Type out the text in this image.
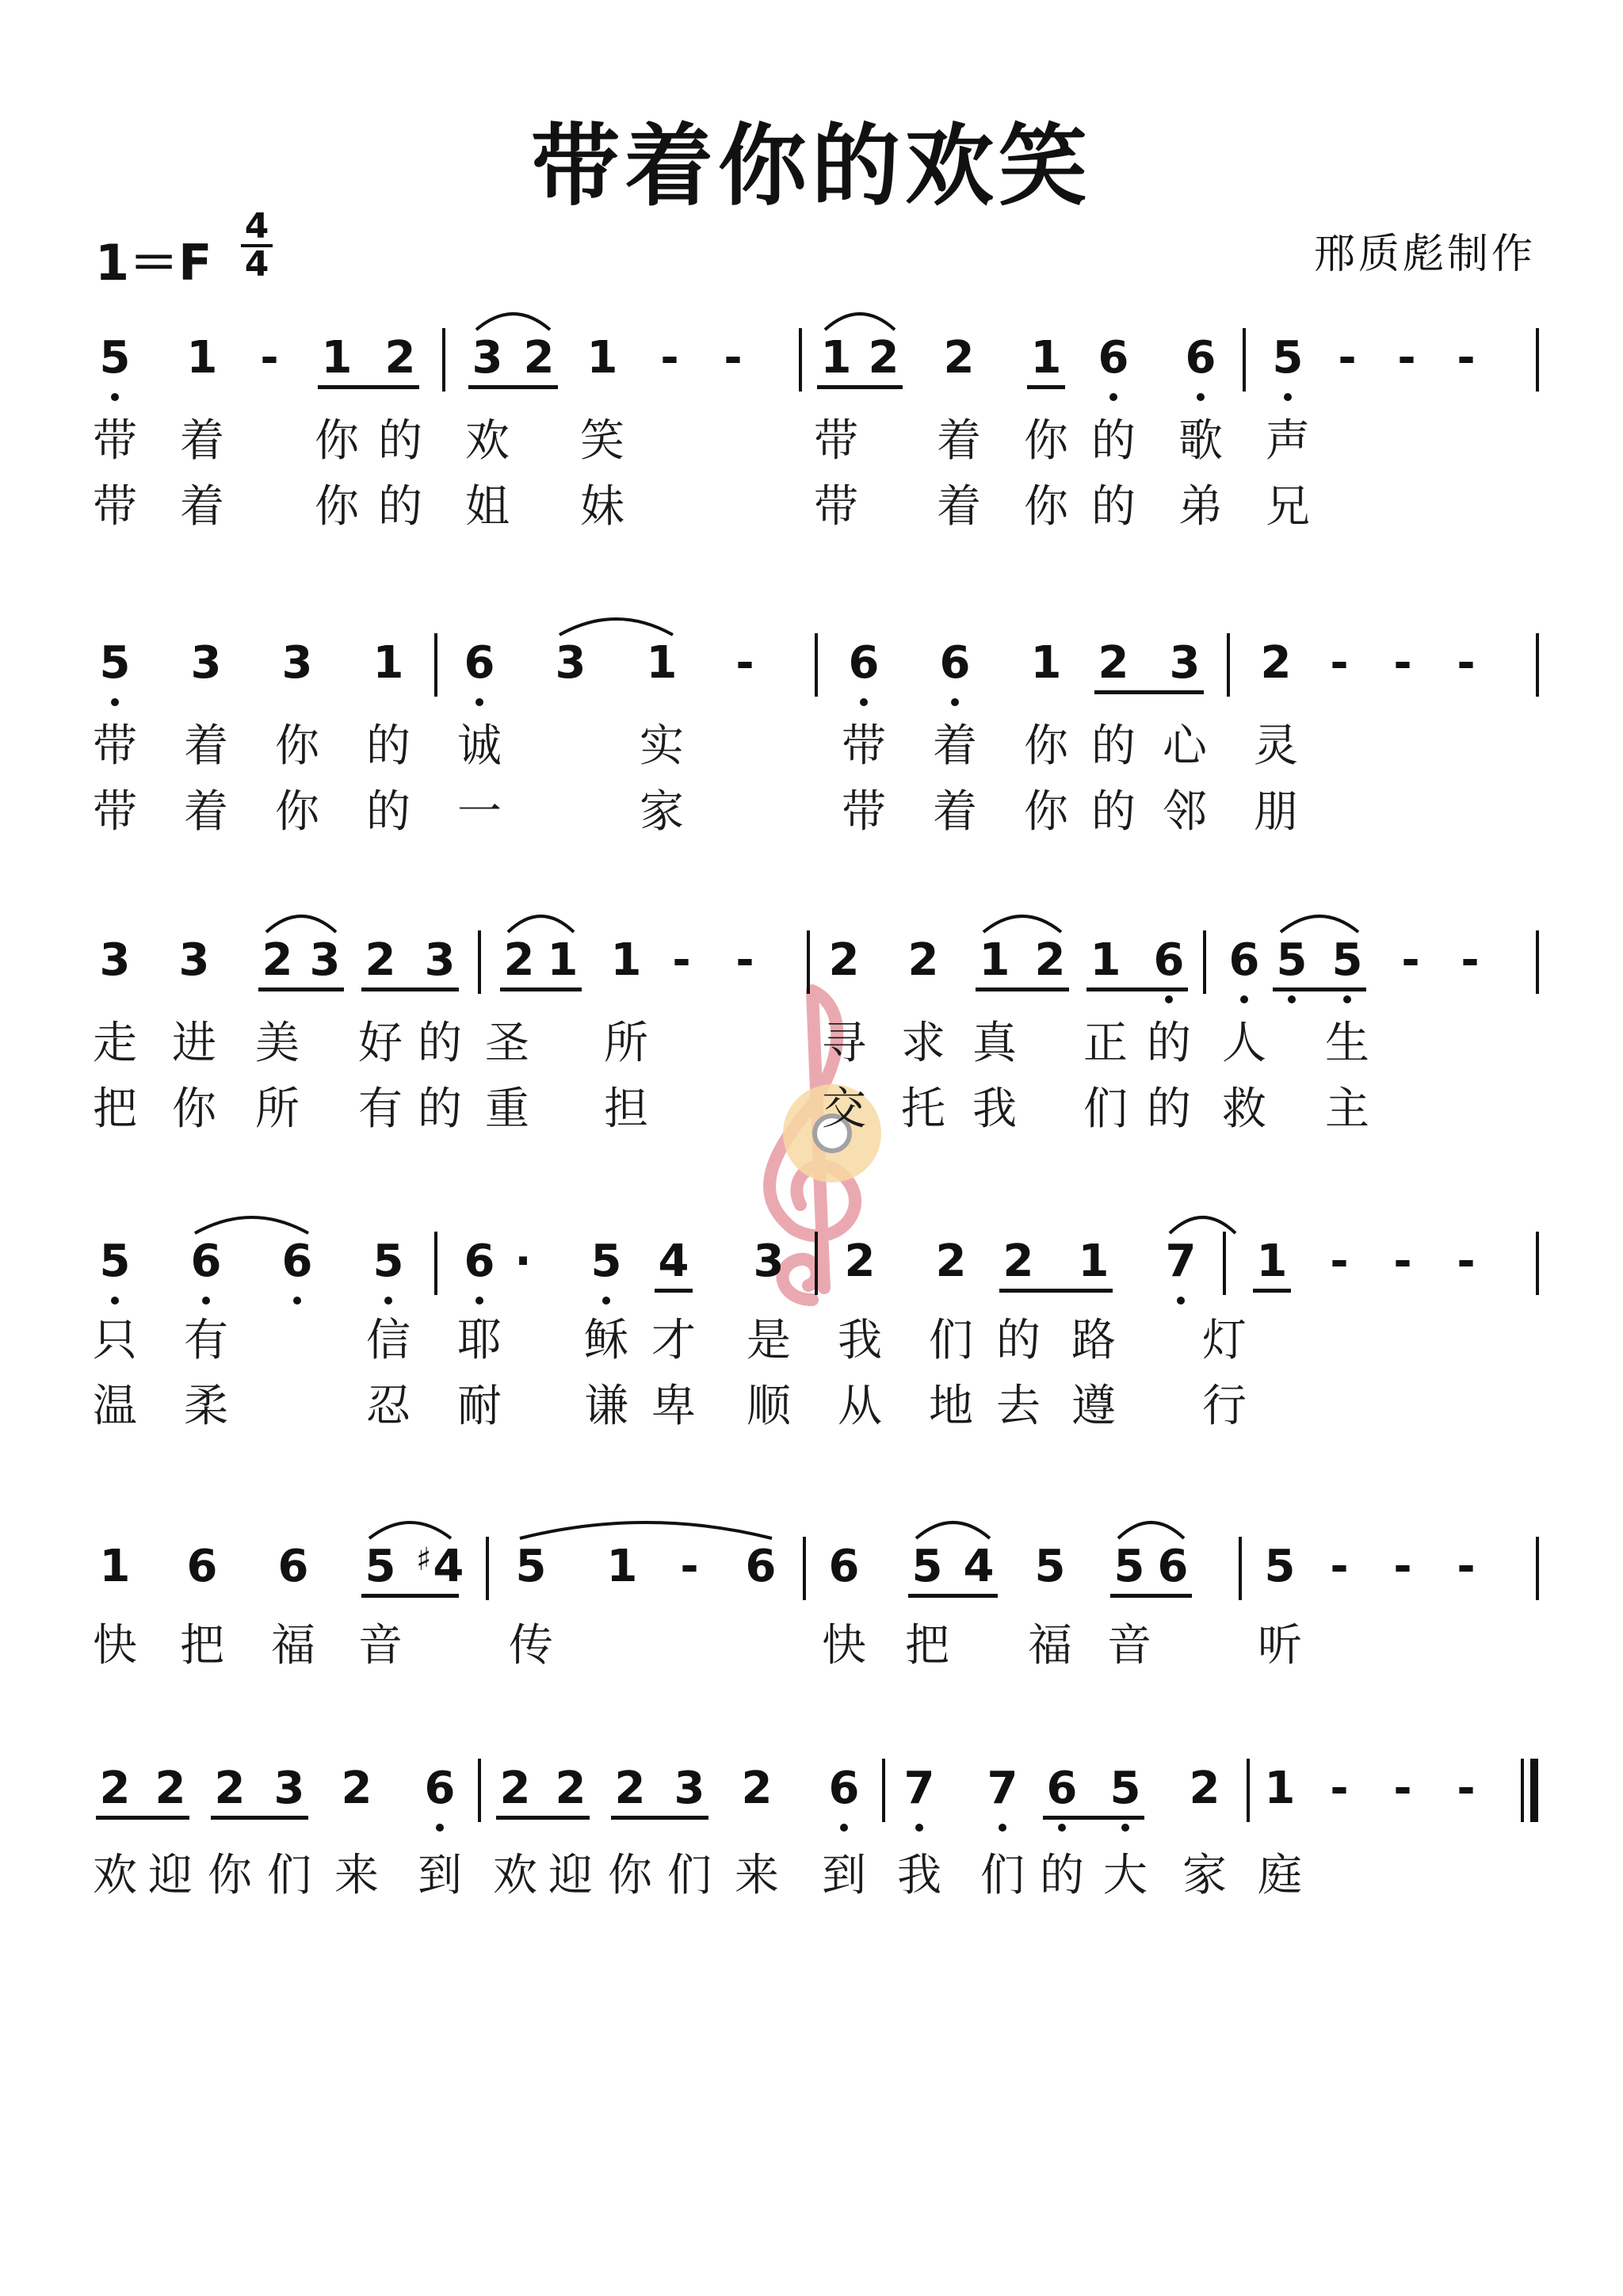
带着你的欢笑
1＝F
4
4	邢质彪制作
5 1 - 1 2 3 2 1 -	-	1 2 2 1 6 6 5 - - -
带 着 你 的 欢 笑	带 着 你 的 歌 声
带 着 你 的 姐 妹	带 着 你 的 弟 兄
5 3 3 1 6 3 1	-	6 6 1 2 3 2 -	-	-
带 着 你 的 诚	实	带 着 你 的 心 灵
带 着 你 的 一	家	带 着 你 的 邻 朋
3 3 2 3 2 3 2 1 1 -	-	2 2 1 2 1 6 6 5 5 - -
走 进 美 好 的 圣 所	寻 求 真 正 的 人 生
把 你 所 有 的 重 担	交 托 我 们 的 救 主
5 6 6 5 6 ·	5 4 3 2 2 2 1 7 1 -	-	-
只 有	信 耶 稣 才 是 我 们 的 路 灯
温 柔	忍 耐 谦 卑 顺 从 地 去 遵 行
1 6 6 5 ♯4 5 1 -	6 6 5 4 5 5 6 5 -	-	-
快 把 福 音 传	快 把 福 音 听
2 2 2 3 2 6 2 2 2 3 2 6 7 7 6 5 2 1 -	-	-
欢 迎 你 们 来 到 欢 迎 你 们 来 到 我 们 的 大 家 庭
